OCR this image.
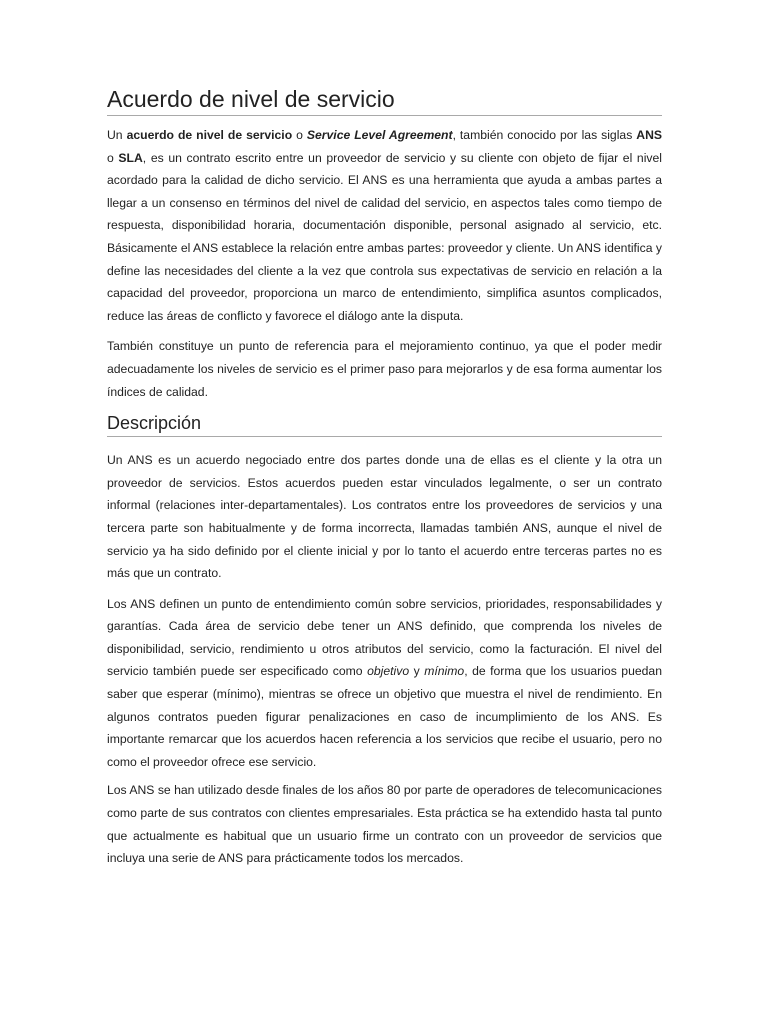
Acuerdo de nivel de servicio

Un acuerdo de nivel de servicio o Service Level Agreement, también conocido por las siglas ANS o SLA, es un contrato escrito entre un proveedor de servicio y su cliente con objeto de fijar el nivel acordado para la calidad de dicho servicio. El ANS es una herramienta que ayuda a ambas partes a llegar a un consenso en términos del nivel de calidad del servicio, en aspectos tales como tiempo de respuesta, disponibilidad horaria, documentación disponible, personal asignado al servicio, etc. Básicamente el ANS establece la relación entre ambas partes: proveedor y cliente. Un ANS identifica y define las necesidades del cliente a la vez que controla sus expectativas de servicio en relación a la capacidad del proveedor, proporciona un marco de entendimiento, simplifica asuntos complicados, reduce las áreas de conflicto y favorece el diálogo ante la disputa.

También constituye un punto de referencia para el mejoramiento continuo, ya que el poder medir adecuadamente los niveles de servicio es el primer paso para mejorarlos y de esa forma aumentar los índices de calidad.

Descripción

Un ANS es un acuerdo negociado entre dos partes donde una de ellas es el cliente y la otra un proveedor de servicios. Estos acuerdos pueden estar vinculados legalmente, o ser un contrato informal (relaciones inter-departamentales). Los contratos entre los proveedores de servicios y una tercera parte son habitualmente y de forma incorrecta, llamadas también ANS, aunque el nivel de servicio ya ha sido definido por el cliente inicial y por lo tanto el acuerdo entre terceras partes no es más que un contrato.

Los ANS definen un punto de entendimiento común sobre servicios, prioridades, responsabilidades y garantías. Cada área de servicio debe tener un ANS definido, que comprenda los niveles de disponibilidad, servicio, rendimiento u otros atributos del servicio, como la facturación. El nivel del servicio también puede ser especificado como objetivo y mínimo, de forma que los usuarios puedan saber que esperar (mínimo), mientras se ofrece un objetivo que muestra el nivel de rendimiento. En algunos contratos pueden figurar penalizaciones en caso de incumplimiento de los ANS. Es importante remarcar que los acuerdos hacen referencia a los servicios que recibe el usuario, pero no como el proveedor ofrece ese servicio.

Los ANS se han utilizado desde finales de los años 80 por parte de operadores de telecomunicaciones como parte de sus contratos con clientes empresariales. Esta práctica se ha extendido hasta tal punto que actualmente es habitual que un usuario firme un contrato con un proveedor de servicios que incluya una serie de ANS para prácticamente todos los mercados.
